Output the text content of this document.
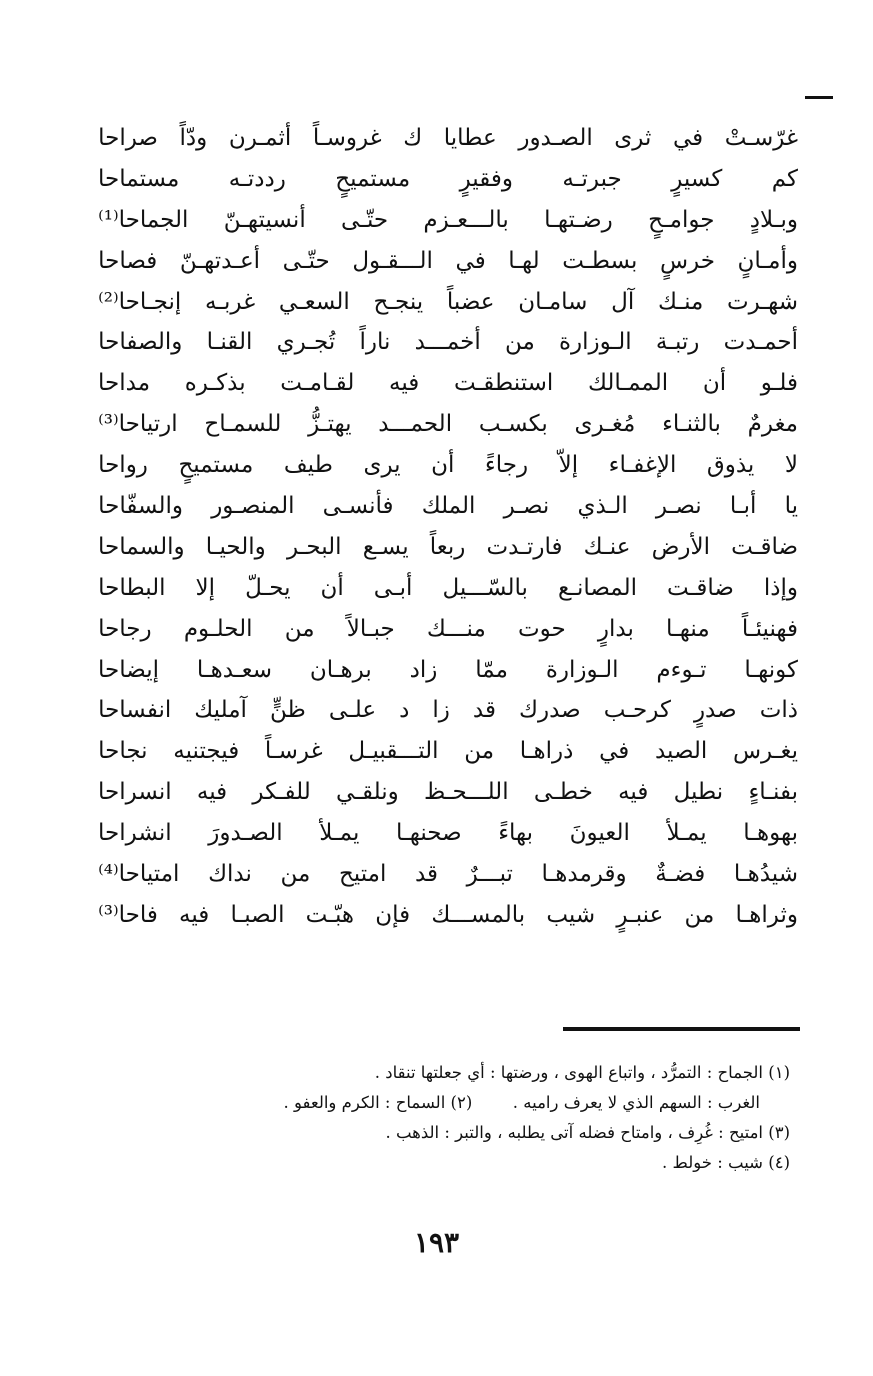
غرّسـتْ
في
ثرى
الصـدور
عطايا
ك
غروسـاً
أثمـرن
ودّاً
صراحا
كم
كسيرٍ
جبرتـه
وفقيرٍ
مستميحٍ
رددتـه
مستماحا
وبـلادٍ
جوامـحٍ
رضـتهـا
بالـــعـزم
حتّـى
أنسيتهـنّ
الجماحا⁽¹⁾
وأمـانٍ
خرسٍ
بسطـت
لهـا
في
الـــقـول
حتّـى
أعـدتهـنّ
فصاحا
شهـرت
منـك
آل
سامـان
عضباً
ينجـح
السعـي
غربـه
إنجـاحا⁽²⁾
أحمـدت
رتبـة
الـوزارة
من
أخمـــد
ناراً
تُجـري
القنـا
والصفاحا
فلـو
أن
الممـالك
استنطقـت
فيه
لقـامـت
بذكـره
مداحا
مغرمٌ
بالثنـاء
مُغـرى
بكسـب
الحمـــد
يهتـزُّ
للسمـاح
ارتياحا⁽³⁾
لا
يذوق
الإغفـاء
إلاّ
رجاءً
أن
يرى
طيف
مستميحٍ
رواحا
يا
أبـا
نصـر
الـذي
نصـر
الملك
فأنسـى
المنصـور
والسفّاحا
ضاقـت
الأرض
عنـك
فارتـدت
ربعاً
يسـع
البحـر
والحيـا
والسماحا
وإذا
ضاقـت
المصانـع
بالسّـــيل
أبـى
أن
يحـلّ
إلا
البطاحا
فهنيئـاً
منهـا
بدارٍ
حوت
منـــك
جبـالاً
من
الحلـوم
رجاحا
كونهـا
تـوءم
الـوزارة
ممّا
زاد
برهـان
سعـدهـا
إيضاحا
ذات
صدرٍ
كرحـب
صدرك
قد
زا
د
علـى
ظنٍّ
آمليك
انفساحا
يغـرس
الصيد
في
ذراهـا
من
التـــقبيـل
غرسـاً
فيجتنيه
نجاحا
بفنـاءٍ
نطيل
فيه
خطـى
اللـــحـظ
ونلقـي
للفـكر
فيه
انسراحا
بهوهـا
يمـلأ
العيونَ
بهاءً
صحنهـا
يمـلأ
الصـدورَ
انشراحا
شيدُهـا
فضـةٌ
وقرمدهـا
تبـــرٌ
قد
امتيح
من
نداك
امتياحا⁽⁴⁾
وثراهـا
من
عنبـرٍ
شيب
بالمســـك
فإن
هبّـت
الصبـا
فيه
فاحا⁽³⁾
(١) الجماح : التمرُّد ، واتباع الهوى ، ورضتها : أي جعلتها تنقاد .
الغرب : السهم الذي لا يعرف راميه .  (٢) السماح : الكرم والعفو .
(٣) امتيح : غُرِف ، وامتاح فضله آتى يطلبه ، والتبر : الذهب .
(٤) شيب : خولط .
١٩٣
